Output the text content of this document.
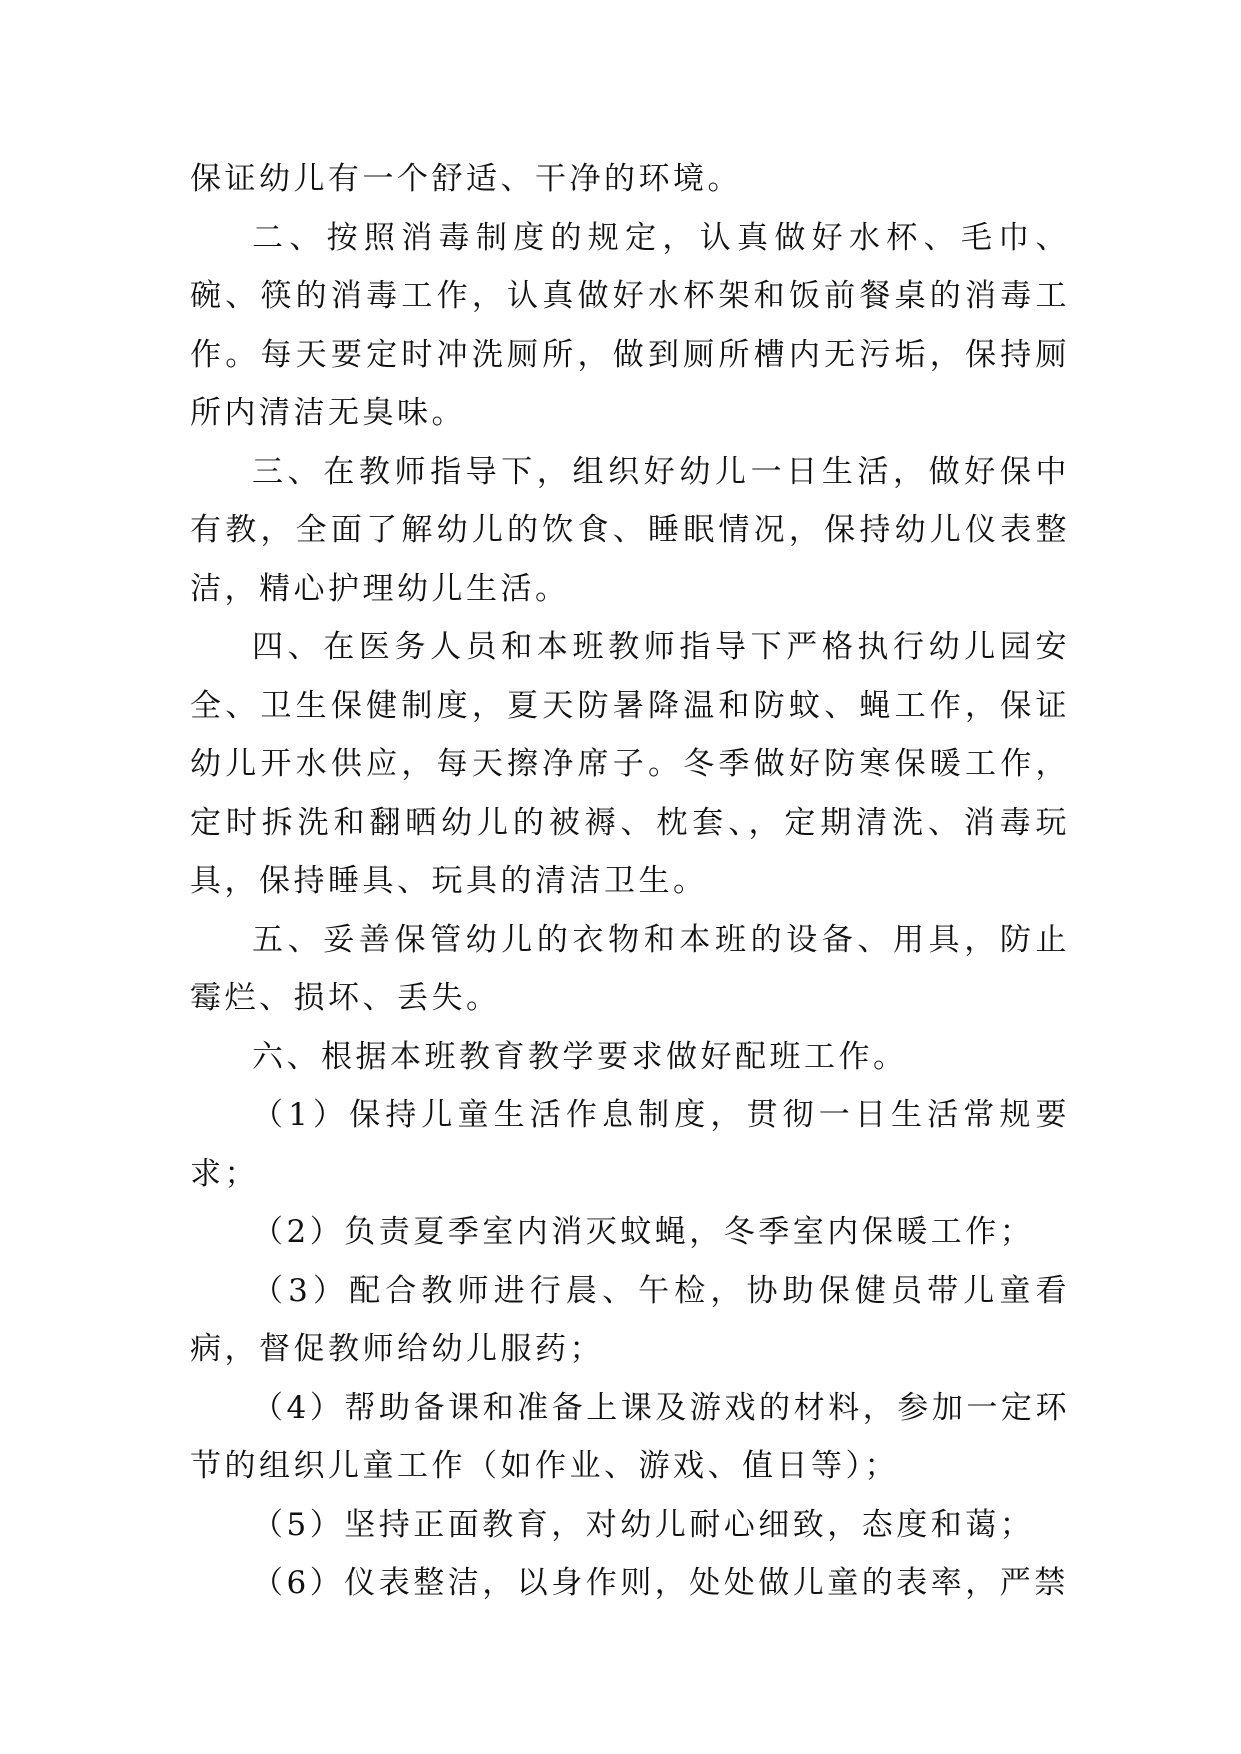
保证幼儿有一个舒适、干净的环境。

二、按照消毒制度的规定，认真做好水杯、毛巾、碗、筷的消毒工作，认真做好水杯架和饭前餐桌的消毒工作。每天要定时冲洗厕所，做到厕所槽内无污垢，保持厕所内清洁无臭味。

三、在教师指导下，组织好幼儿一日生活，做好保中有教，全面了解幼儿的饮食、睡眠情况，保持幼儿仪表整洁，精心护理幼儿生活。

四、在医务人员和本班教师指导下严格执行幼儿园安全、卫生保健制度，夏天防暑降温和防蚊、蝇工作，保证幼儿开水供应，每天擦净席子。冬季做好防寒保暖工作，定时拆洗和翻晒幼儿的被褥、枕套、，定期清洗、消毒玩具，保持睡具、玩具的清洁卫生。

五、妥善保管幼儿的衣物和本班的设备、用具，防止霉烂、损坏、丢失。

六、根据本班教育教学要求做好配班工作。

（1）保持儿童生活作息制度，贯彻一日生活常规要求；

（2）负责夏季室内消灭蚊蝇，冬季室内保暖工作；

（3）配合教师进行晨、午检，协助保健员带儿童看病，督促教师给幼儿服药；

（4）帮助备课和准备上课及游戏的材料，参加一定环节的组织儿童工作（如作业、游戏、值日等）；

（5）坚持正面教育，对幼儿耐心细致，态度和蔼；

（6）仪表整洁，以身作则，处处做儿童的表率，严禁
